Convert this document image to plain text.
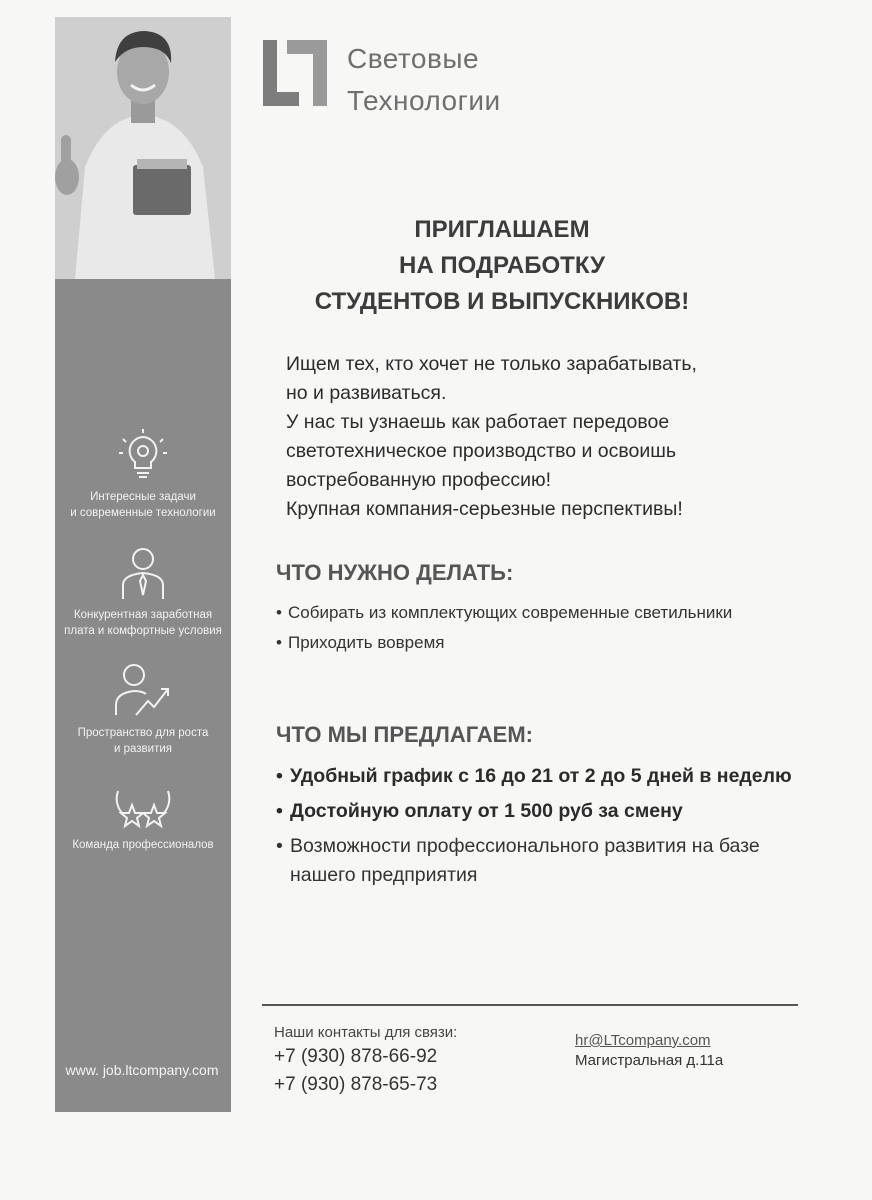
Интересные задачи
и современные технологии
Конкурентная заработная
плата и комфортные условия
Пространство для роста
и развития
Команда профессионалов
www. job.ltcompany.com
Световые
Технологии
ПРИГЛАШАЕМ
НА ПОДРАБОТКУ
СТУДЕНТОВ И ВЫПУСКНИКОВ!
Ищем тех, кто хочет не только зарабатывать,
но и развиваться.
У нас ты узнаешь как работает передовое
светотехническое производство и освоишь
востребованную профессию!
Крупная компания-серьезные перспективы!
ЧТО НУЖНО ДЕЛАТЬ:
• Собирать из комплектующих современные светильники
• Приходить вовремя
ЧТО МЫ ПРЕДЛАГАЕМ:
• Удобный график с 16 до 21 от 2 до 5 дней в неделю
• Достойную оплату от 1 500 руб за смену
• Возможности профессионального развития на базе нашего предприятия
Наши контакты для связи:
+7 (930) 878-66-92
+7 (930) 878-65-73
hr@LTcompany.com
Магистральная д.11а
